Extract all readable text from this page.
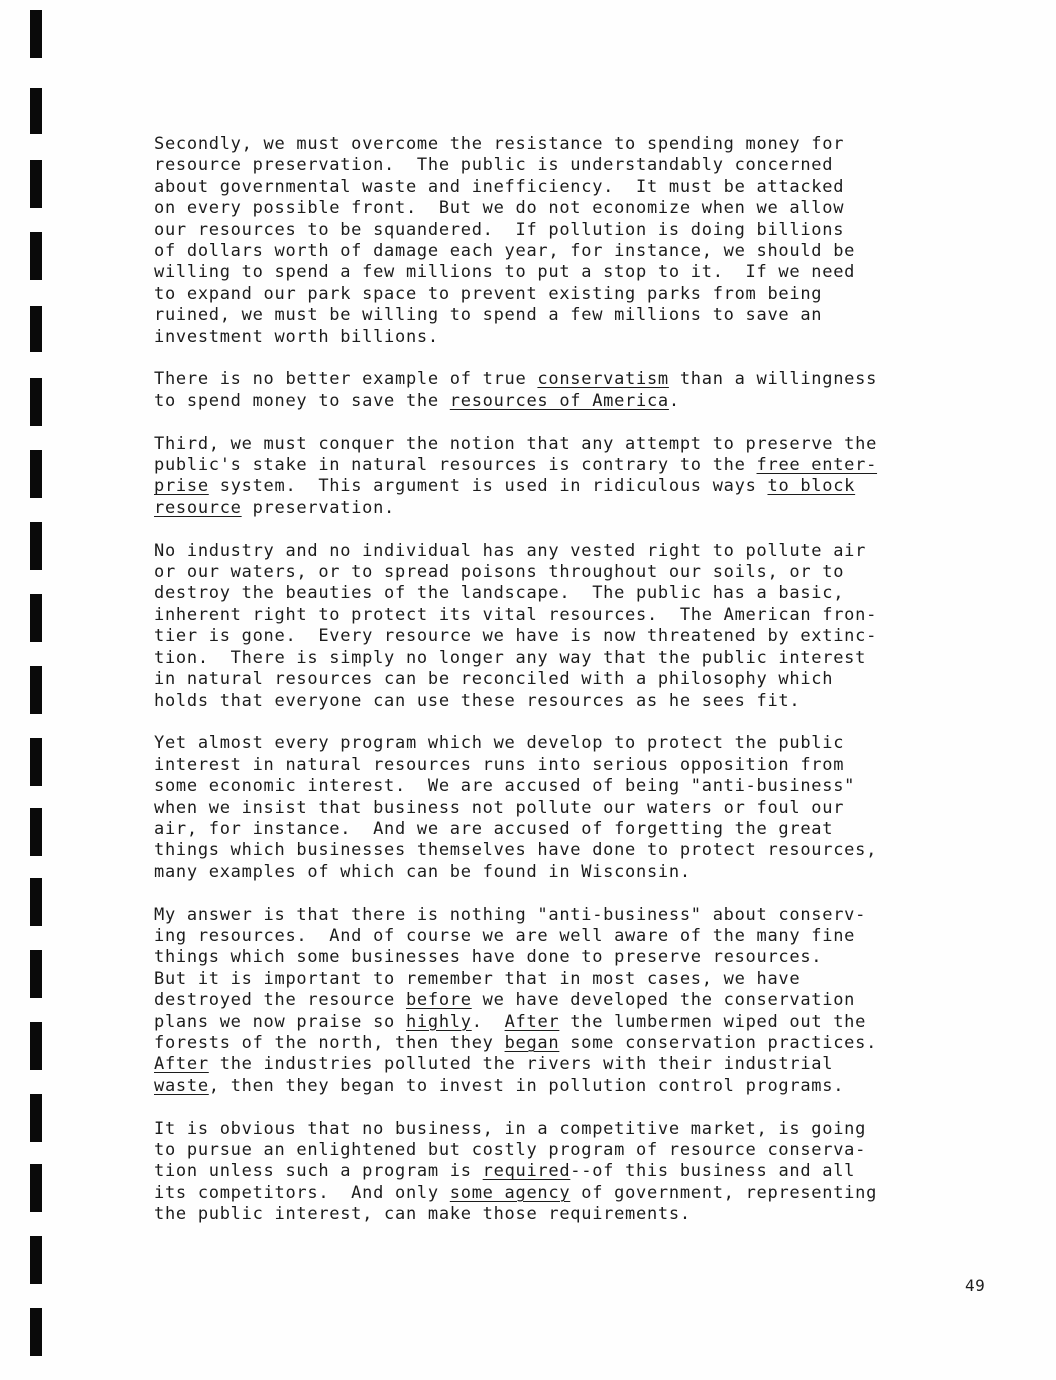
Secondly, we must overcome the resistance to spending money for
resource preservation.  The public is understandably concerned
about governmental waste and inefficiency.  It must be attacked
on every possible front.  But we do not economize when we allow
our resources to be squandered.  If pollution is doing billions
of dollars worth of damage each year, for instance, we should be
willing to spend a few millions to put a stop to it.  If we need
to expand our park space to prevent existing parks from being
ruined, we must be willing to spend a few millions to save an
investment worth billions.
There is no better example of true conservatism than a willingness
to spend money to save the resources of America.
Third, we must conquer the notion that any attempt to preserve the
public's stake in natural resources is contrary to the free enter-
prise system.  This argument is used in ridiculous ways to block
resource preservation.
No industry and no individual has any vested right to pollute air
or our waters, or to spread poisons throughout our soils, or to
destroy the beauties of the landscape.  The public has a basic,
inherent right to protect its vital resources.  The American fron-
tier is gone.  Every resource we have is now threatened by extinc-
tion.  There is simply no longer any way that the public interest
in natural resources can be reconciled with a philosophy which
holds that everyone can use these resources as he sees fit.
Yet almost every program which we develop to protect the public
interest in natural resources runs into serious opposition from
some economic interest.  We are accused of being "anti-business"
when we insist that business not pollute our waters or foul our
air, for instance.  And we are accused of forgetting the great
things which businesses themselves have done to protect resources,
many examples of which can be found in Wisconsin.
My answer is that there is nothing "anti-business" about conserv-
ing resources.  And of course we are well aware of the many fine
things which some businesses have done to preserve resources.
But it is important to remember that in most cases, we have
destroyed the resource before we have developed the conservation
plans we now praise so highly.  After the lumbermen wiped out the
forests of the north, then they began some conservation practices.
After the industries polluted the rivers with their industrial
waste, then they began to invest in pollution control programs.
It is obvious that no business, in a competitive market, is going
to pursue an enlightened but costly program of resource conserva-
tion unless such a program is required--of this business and all
its competitors.  And only some agency of government, representing
the public interest, can make those requirements.
49
